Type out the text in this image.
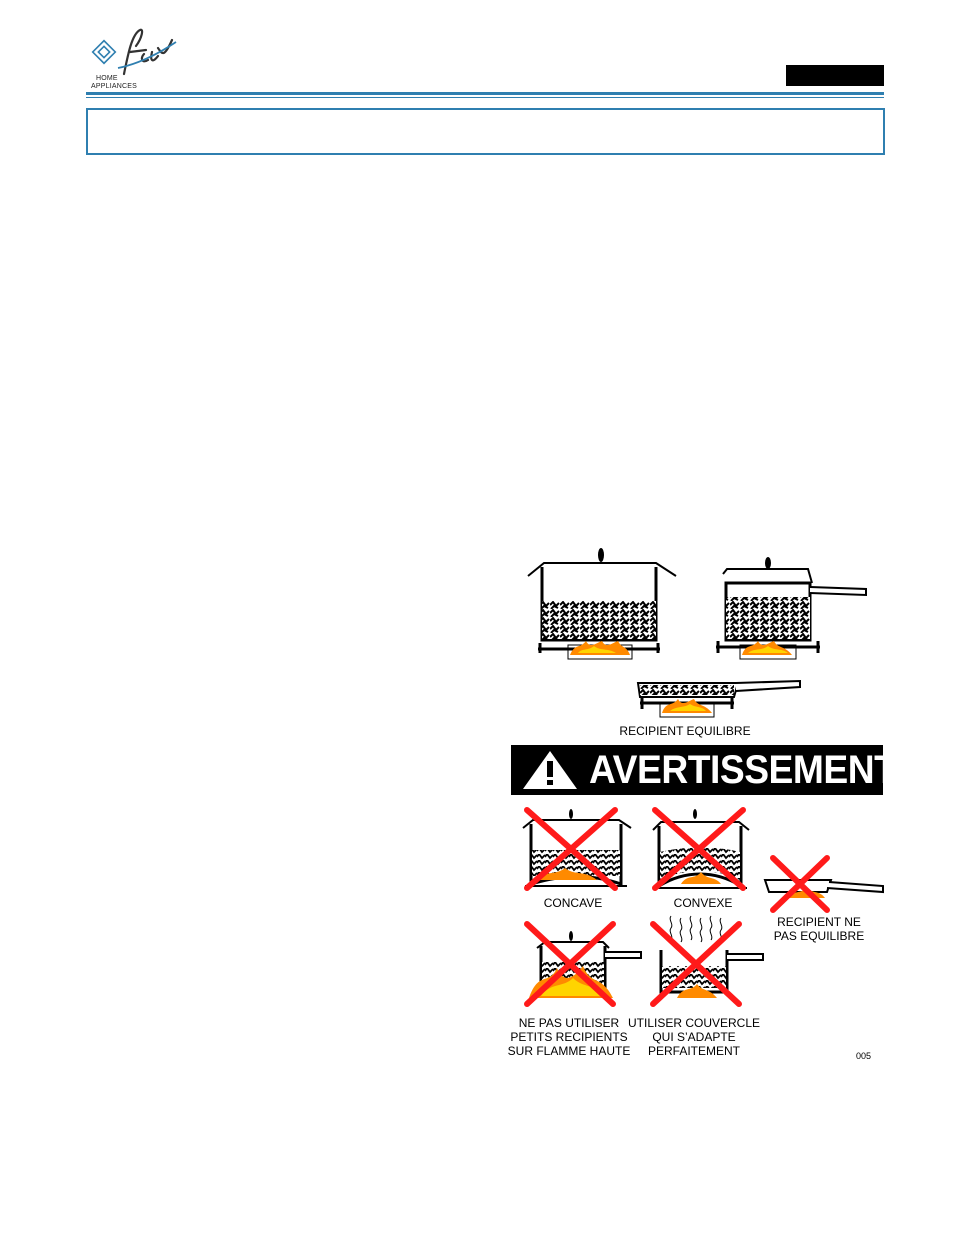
HOME
APPLIANCES
RECIPIENT EQUILIBRE
AVERTISSEMENT
CONCAVE	CONVEXE
RECIPIENT NE
PAS EQUILIBRE
NE PAS UTILISER
PETITS RECIPIENTS
SUR FLAMME HAUTE
UTILISER COUVERCLE
QUI S’ADAPTE
PERFAITEMENT	005
